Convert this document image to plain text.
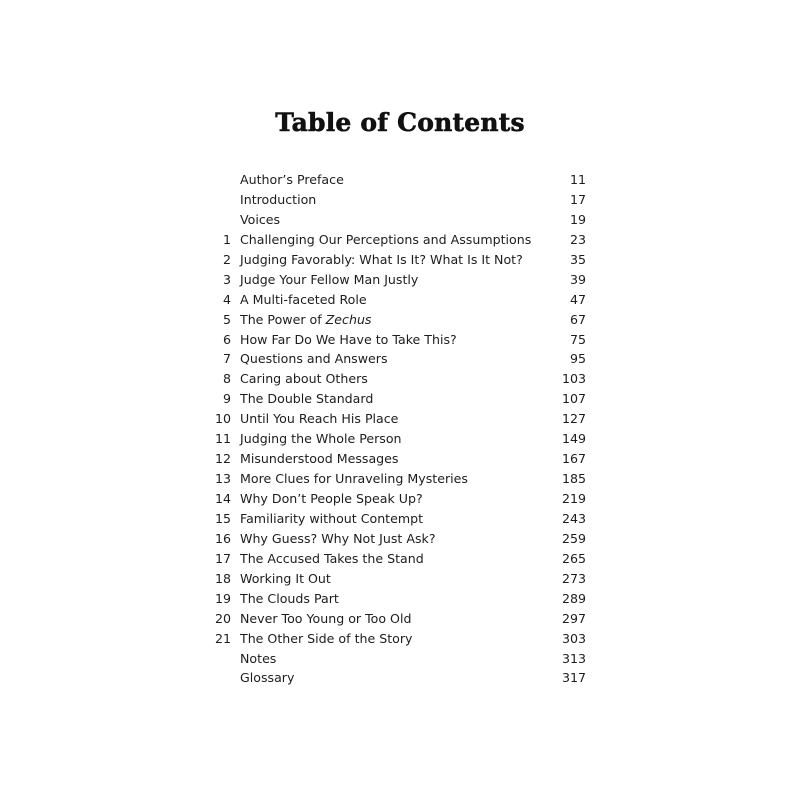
Table of Contents
Author’s Preface	11
Introduction	17
Voices	19
1 Challenging Our Perceptions and Assumptions	23
2 Judging Favorably: What Is It? What Is It Not?	35
3 Judge Your Fellow Man Justly	39
4 A Multi-faceted Role	47
5 The Power of Zechus	67
6 How Far Do We Have to Take This?	75
7 Questions and Answers	95
8 Caring about Others	103
9 The Double Standard	107
10 Until You Reach His Place	127
11 Judging the Whole Person	149
12 Misunderstood Messages	167
13 More Clues for Unraveling Mysteries	185
14 Why Don’t People Speak Up?	219
15 Familiarity without Contempt	243
16 Why Guess? Why Not Just Ask?	259
17 The Accused Takes the Stand	265
18 Working It Out	273
19 The Clouds Part	289
20 Never Too Young or Too Old	297
21 The Other Side of the Story	303
Notes	313
Glossary	317
